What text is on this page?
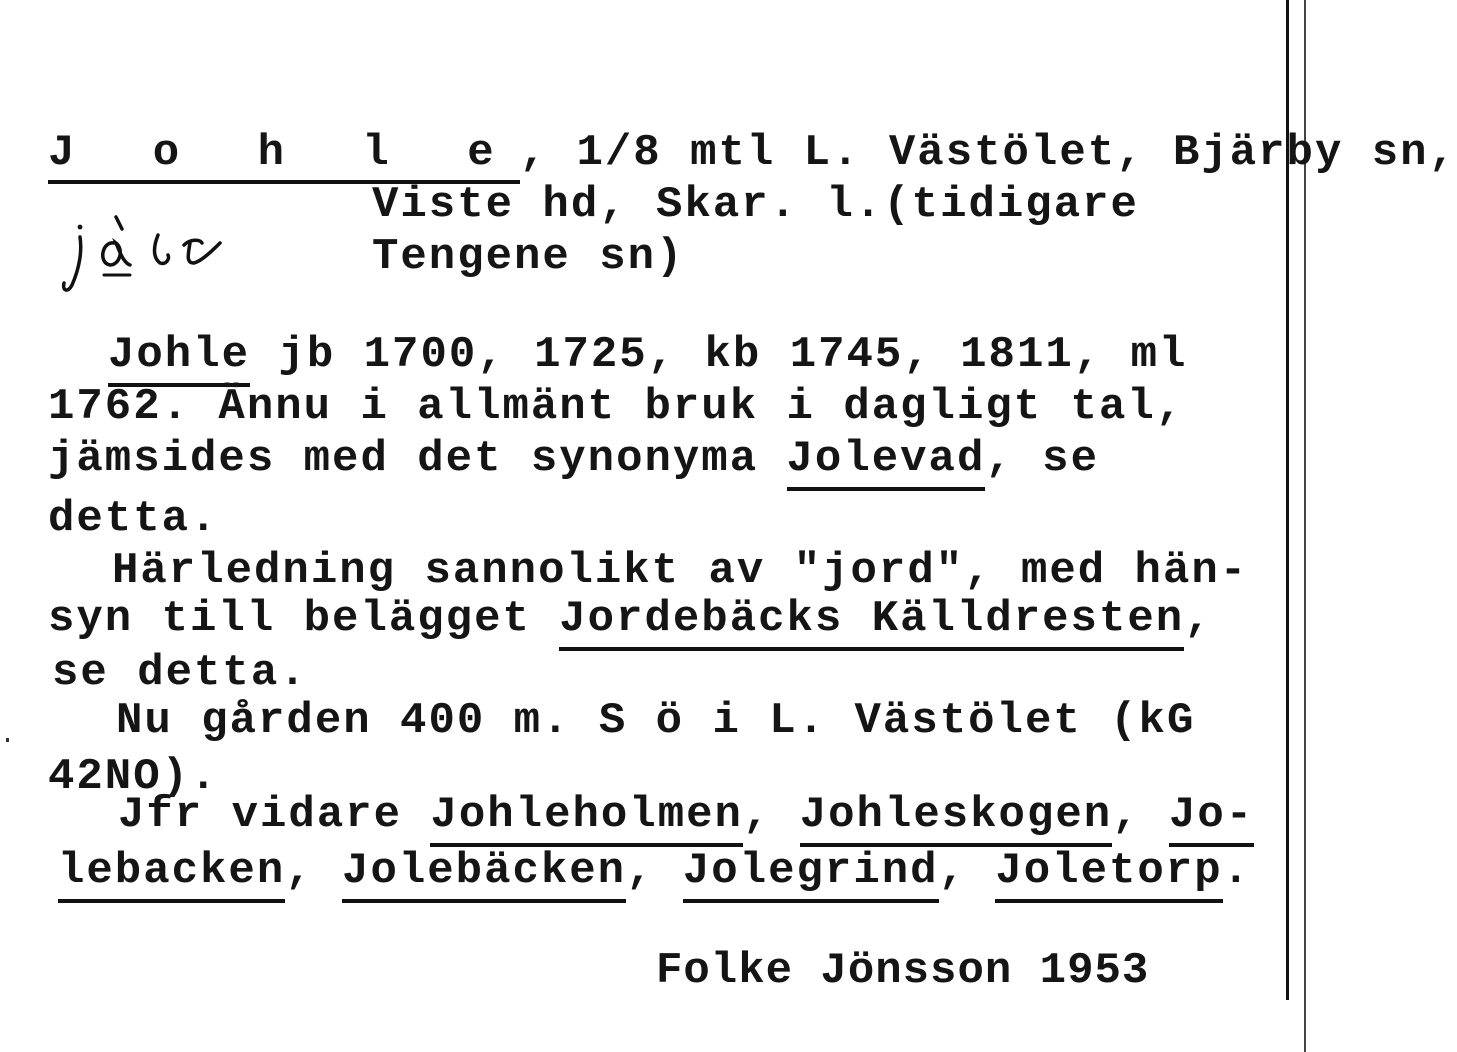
J o h l e, 1/8 mtl L. Västölet, Bjärby sn,
Viste hd, Skar. l.(tidigare
Tengene sn)
Johle jb 1700, 1725, kb 1745, 1811, ml
1762. Ännu i allmänt bruk i dagligt tal,
jämsides med det synonyma Jolevad, se
detta.
Härledning sannolikt av "jord", med hän-
syn till belägget Jordebäcks Källdresten,
se detta.
Nu gården 400 m. S ö i L. Västölet (kG
42NO).
Jfr vidare Johleholmen, Johleskogen, Jo-
lebacken, Jolebäcken, Jolegrind, Joletorp.
Folke Jönsson 1953
